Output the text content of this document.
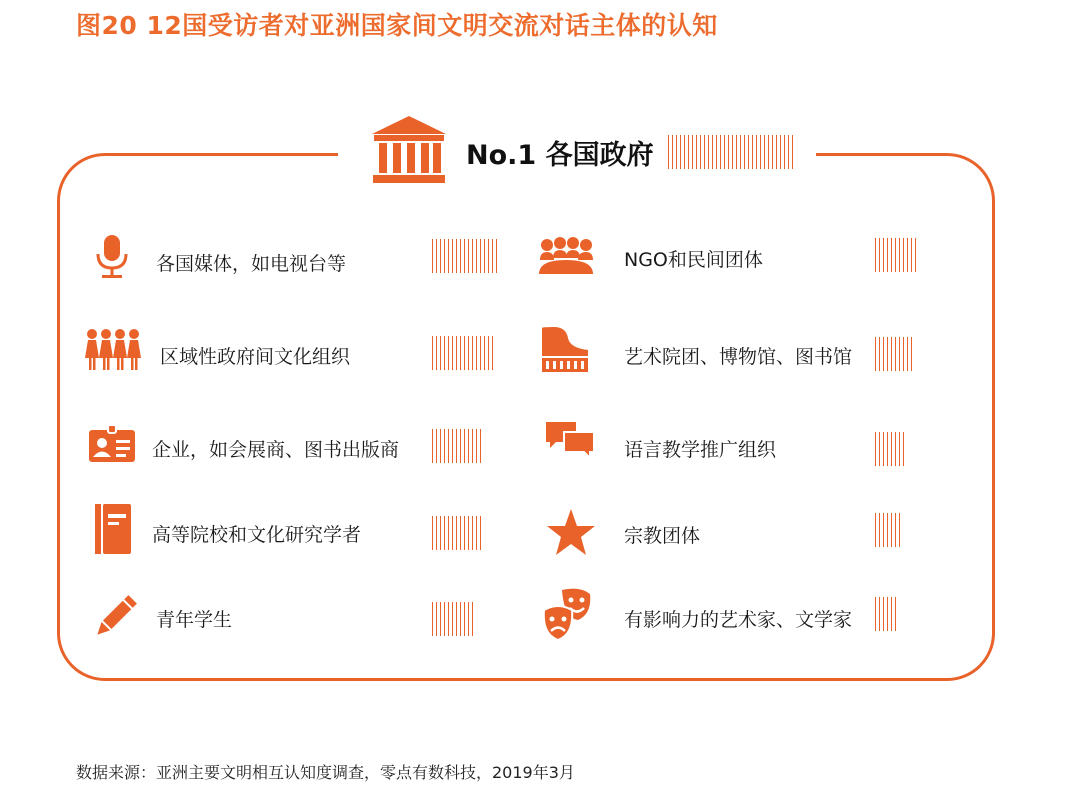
图20 12国受访者对亚洲国家间文明交流对话主体的认知
No.1 各国政府
各国媒体，如电视台等
区域性政府间文化组织
企业，如会展商、图书出版商
高等院校和文化研究学者
青年学生
NGO和民间团体
艺术院团、博物馆、图书馆
语言教学推广组织
宗教团体
有影响力的艺术家、文学家
数据来源：亚洲主要文明相互认知度调查，零点有数科技，2019年3月
